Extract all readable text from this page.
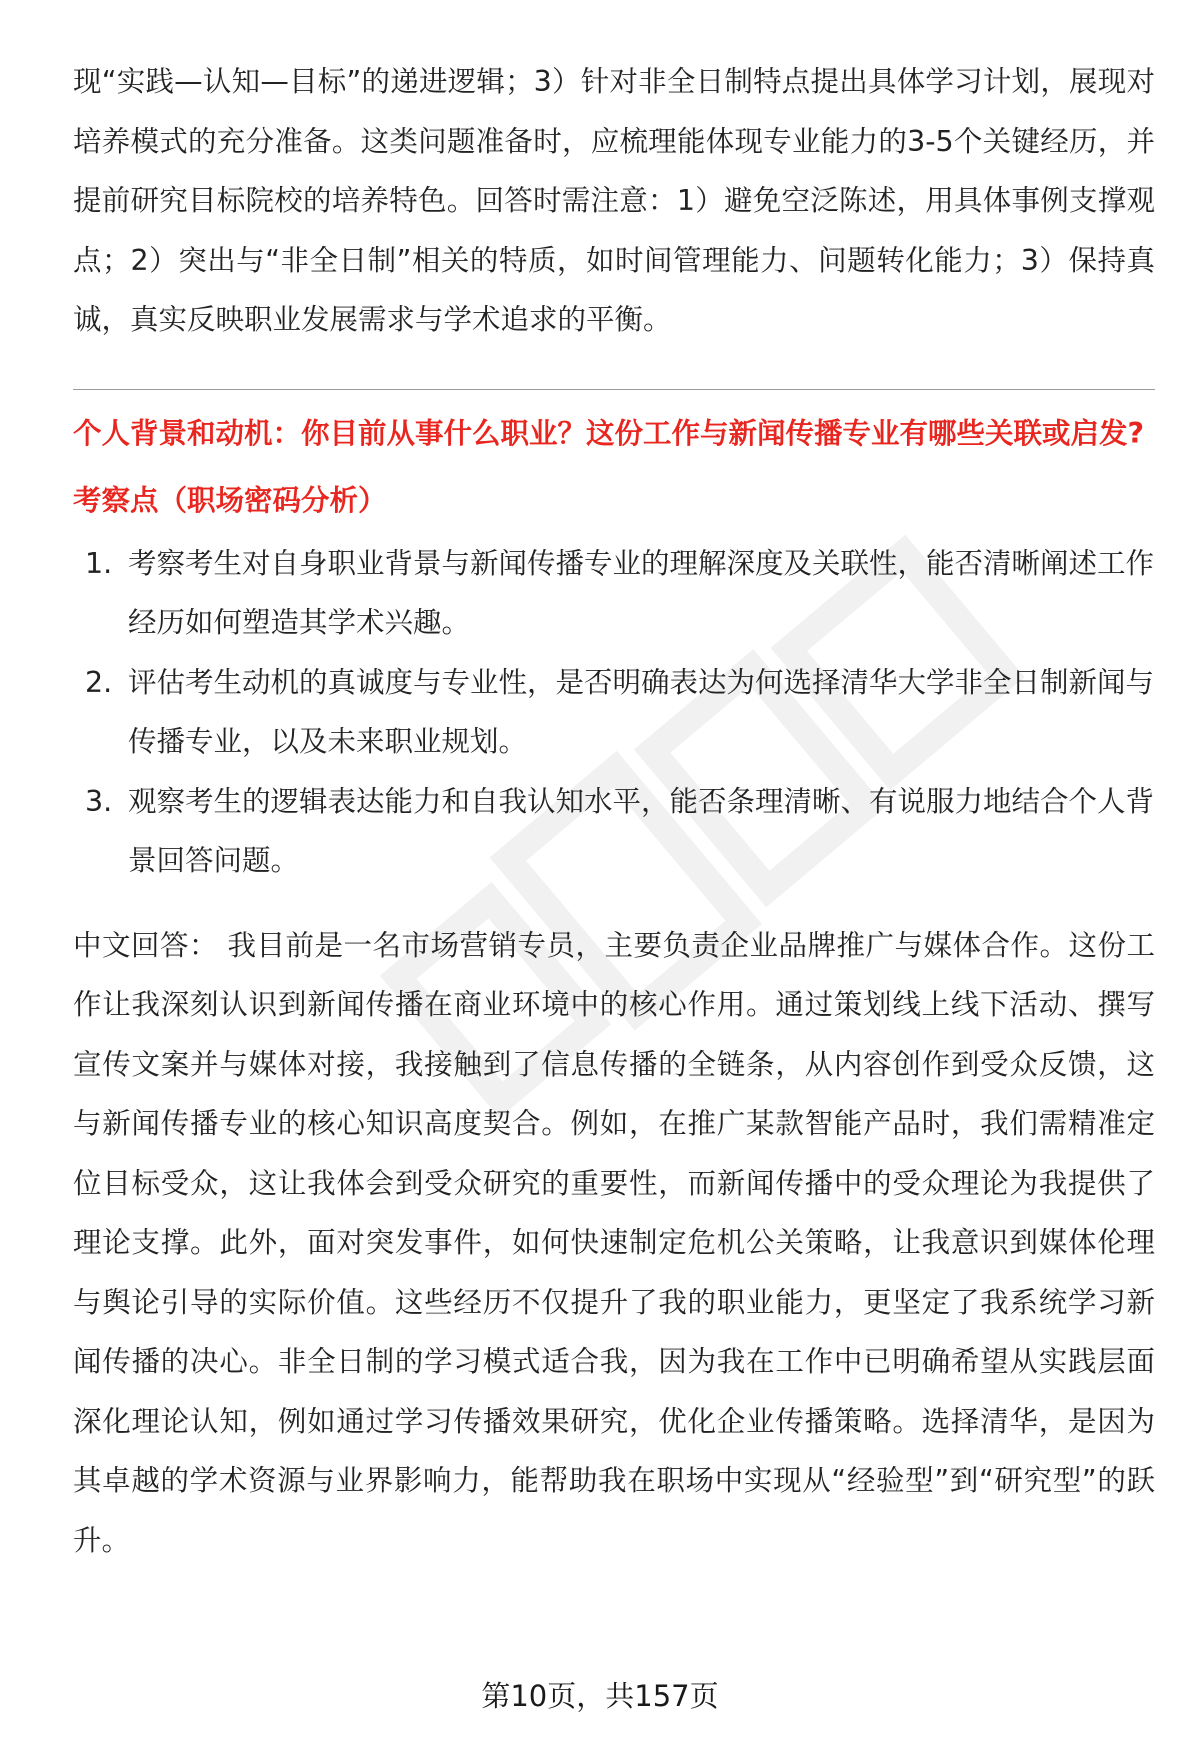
现“实践—认知—目标”的递进逻辑；3）针对非全日制特点提出具体学习计划，展现对培养模式的充分准备。这类问题准备时，应梳理能体现专业能力的3-5个关键经历，并提前研究目标院校的培养特色。回答时需注意：1）避免空泛陈述，用具体事例支撑观点；2）突出与“非全日制”相关的特质，如时间管理能力、问题转化能力；3）保持真诚，真实反映职业发展需求与学术追求的平衡。

个人背景和动机：你目前从事什么职业？这份工作与新闻传播专业有哪些关联或启发?

考察点（职场密码分析）

1. 考察考生对自身职业背景与新闻传播专业的理解深度及关联性，能否清晰阐述工作经历如何塑造其学术兴趣。
2. 评估考生动机的真诚度与专业性，是否明确表达为何选择清华大学非全日制新闻与传播专业，以及未来职业规划。
3. 观察考生的逻辑表达能力和自我认知水平，能否条理清晰、有说服力地结合个人背景回答问题。

中文回答： 我目前是一名市场营销专员，主要负责企业品牌推广与媒体合作。这份工作让我深刻认识到新闻传播在商业环境中的核心作用。通过策划线上线下活动、撰写宣传文案并与媒体对接，我接触到了信息传播的全链条，从内容创作到受众反馈，这与新闻传播专业的核心知识高度契合。例如，在推广某款智能产品时，我们需精准定位目标受众，这让我体会到受众研究的重要性，而新闻传播中的受众理论为我提供了理论支撑。此外，面对突发事件，如何快速制定危机公关策略，让我意识到媒体伦理与舆论引导的实际价值。这些经历不仅提升了我的职业能力，更坚定了我系统学习新闻传播的决心。非全日制的学习模式适合我，因为我在工作中已明确希望从实践层面深化理论认知，例如通过学习传播效果研究，优化企业传播策略。选择清华，是因为其卓越的学术资源与业界影响力，能帮助我在职场中实现从“经验型”到“研究型”的跃升。

第10页，共157页
